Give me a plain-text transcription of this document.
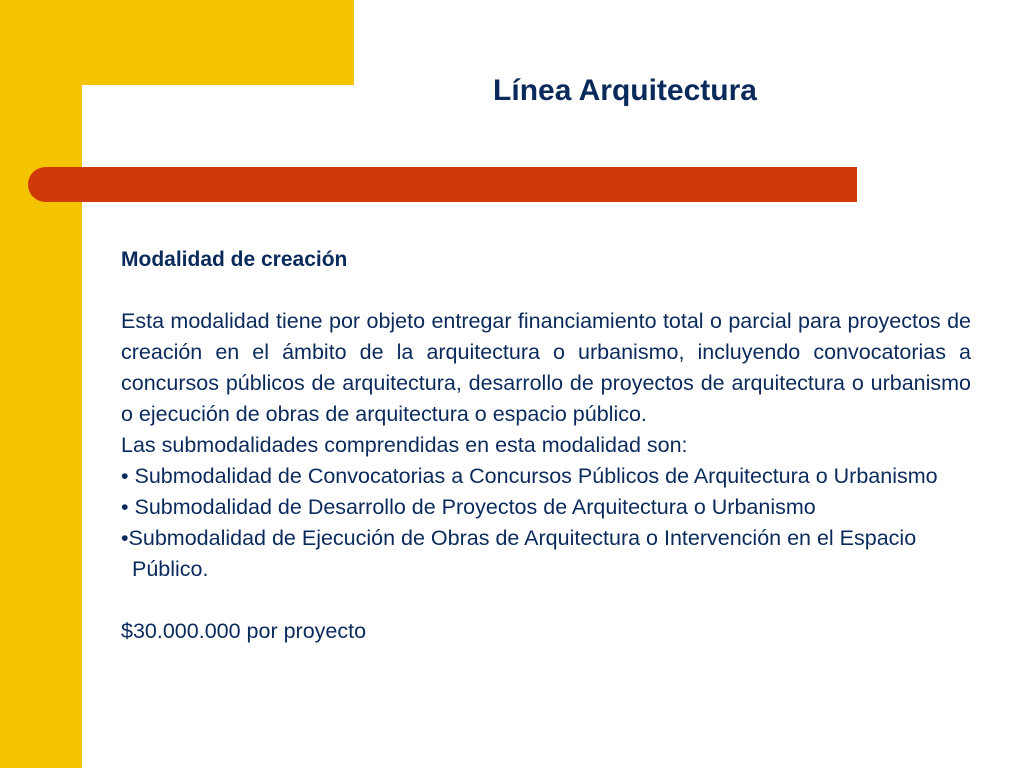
Línea Arquitectura

Modalidad de creación

Esta modalidad tiene por objeto entregar financiamiento total o parcial para proyectos de creación en el ámbito de la arquitectura o urbanismo, incluyendo convocatorias a concursos públicos de arquitectura, desarrollo de proyectos de arquitectura o urbanismo o ejecución de obras de arquitectura o espacio público.

Las submodalidades comprendidas en esta modalidad son:

• Submodalidad de Convocatorias a Concursos Públicos de Arquitectura o Urbanismo

• Submodalidad de Desarrollo de Proyectos de Arquitectura o Urbanismo

•Submodalidad de Ejecución de Obras de Arquitectura o Intervención en el Espacio Público.

$30.000.000 por proyecto
